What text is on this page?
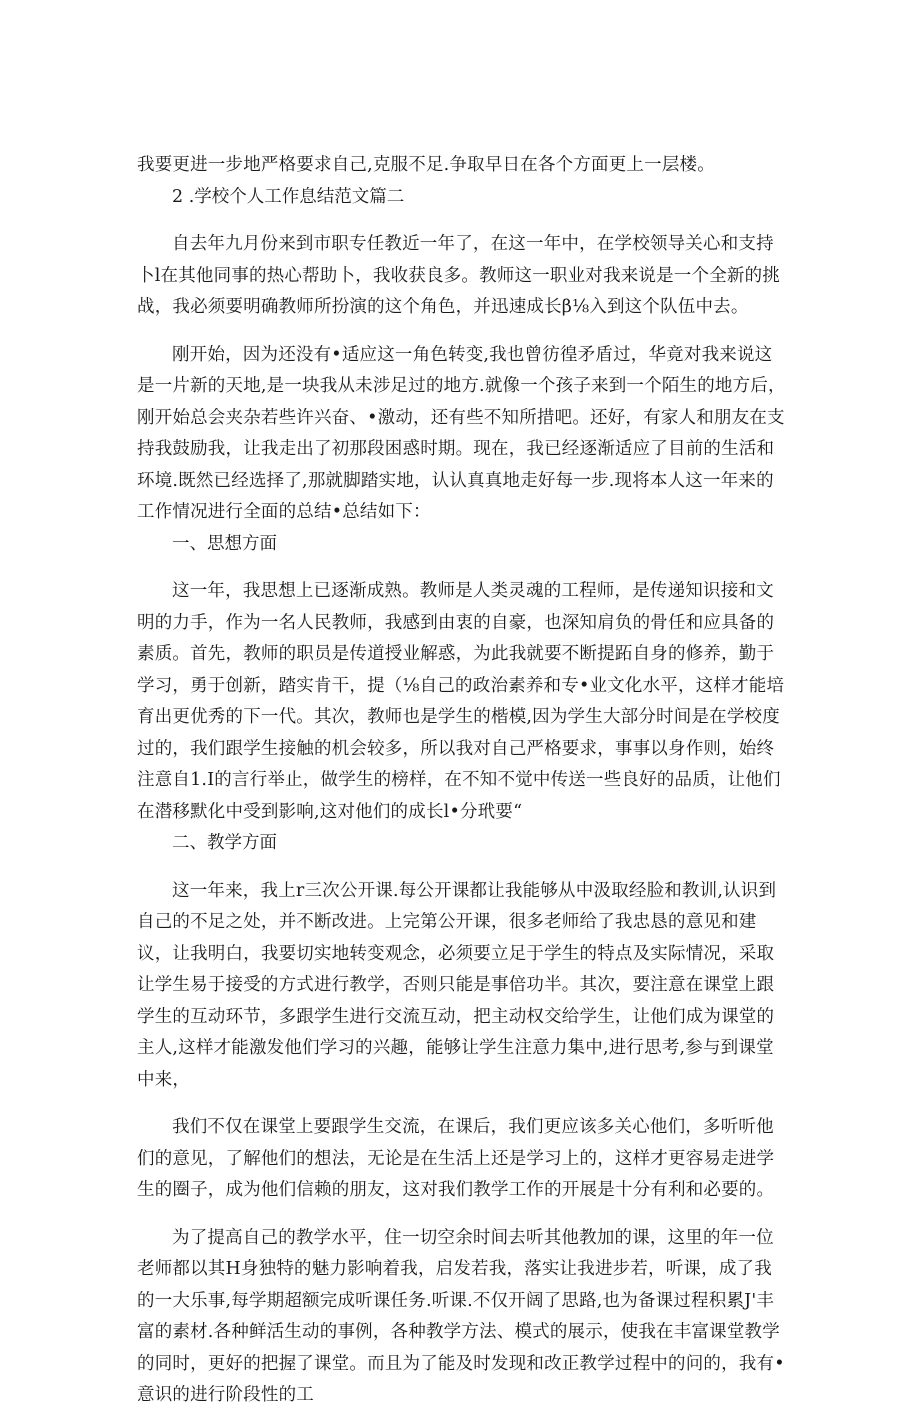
我要更进一步地严格要求自己,克服不足.争取早日在各个方面更上一层楼。

2 .学校个人工作息结范文篇二

自去年九月份来到市职专任教近一年了，在这一年中，在学校领导关心和支持卜l在其他同事的热心帮助卜，我收获良多。教师这一职业对我来说是一个全新的挑战，我必须要明确教师所扮演的这个角色，并迅速成长β⅛入到这个队伍中去。

刚开始，因为还没有•适应这一角色转变,我也曾彷徨矛盾过，华竟对我来说这是一片新的天地,是一块我从未涉足过的地方.就像一个孩子来到一个陌生的地方后，刚开始总会夹杂若些许兴奋、•激动，还有些不知所措吧。还好，有家人和朋友在支持我鼓励我，让我走出了初那段困惑时期。现在，我已经逐渐适应了目前的生活和环境.既然已经选择了,那就脚踏实地，认认真真地走好每一步.现将本人这一年来的工作情况进行全面的总结•总结如下：

一、思想方面

这一年，我思想上已逐渐成熟。教师是人类灵魂的工程师，是传递知识接和文明的力手，作为一名人民教师，我感到由衷的自豪，也深知肩负的骨任和应具备的素质。首先，教师的职员是传道授业解惑，为此我就要不断提跖自身的修养，勤于学习，勇于创新，踏实肯干，提（⅛自己的政治素养和专•业文化水平，这样才能培育出更优秀的下一代。其次，教师也是学生的楷模,因为学生大部分时间是在学校度过的，我们跟学生接触的机会较多，所以我对自己严格要求，事事以身作则，始终注意自1.I的言行举止，做学生的榜样，在不知不觉中传送一些良好的品质，让他们在潜移默化中受到影响,这对他们的成长l•分玳要“

二、教学方面

这一年来，我上r三次公开课.每公开课都让我能够从中汲取经脸和教训,认识到自己的不足之处，并不断改进。上完第公开课，很多老师给了我忠恳的意见和建议，让我明白，我要切实地转变观念，必须要立足于学生的特点及实际情况，采取让学生易于接受的方式进行教学，否则只能是事倍功半。其次，要注意在课堂上跟学生的互动环节，多跟学生进行交流互动，把主动权交给学生，让他们成为课堂的主人,这样才能激发他们学习的兴趣，能够让学生注意力集中,进行思考,参与到课堂中来，

我们不仅在课堂上要跟学生交流，在课后，我们更应该多关心他们，多听听他们的意见，了解他们的想法，无论是在生活上还是学习上的，这样才更容易走进学生的圈子，成为他们信赖的朋友，这对我们教学工作的开展是十分有利和必要的。

为了提高自己的教学水平，住一切空余时间去听其他教加的课，这里的年一位老师都以其H身独特的魅力影响着我，启发若我，落实让我进步若，听课，成了我的一大乐事,每学期超额完成听课任务.听课.不仅开阔了思路,也为备课过程积累J'丰富的素材.各种鲜活生动的事例，各种教学方法、模式的展示，使我在丰富课堂教学的同时，更好的把握了课堂。而且为了能及时发现和改正教学过程中的问的，我有•意识的进行阶段性的工
